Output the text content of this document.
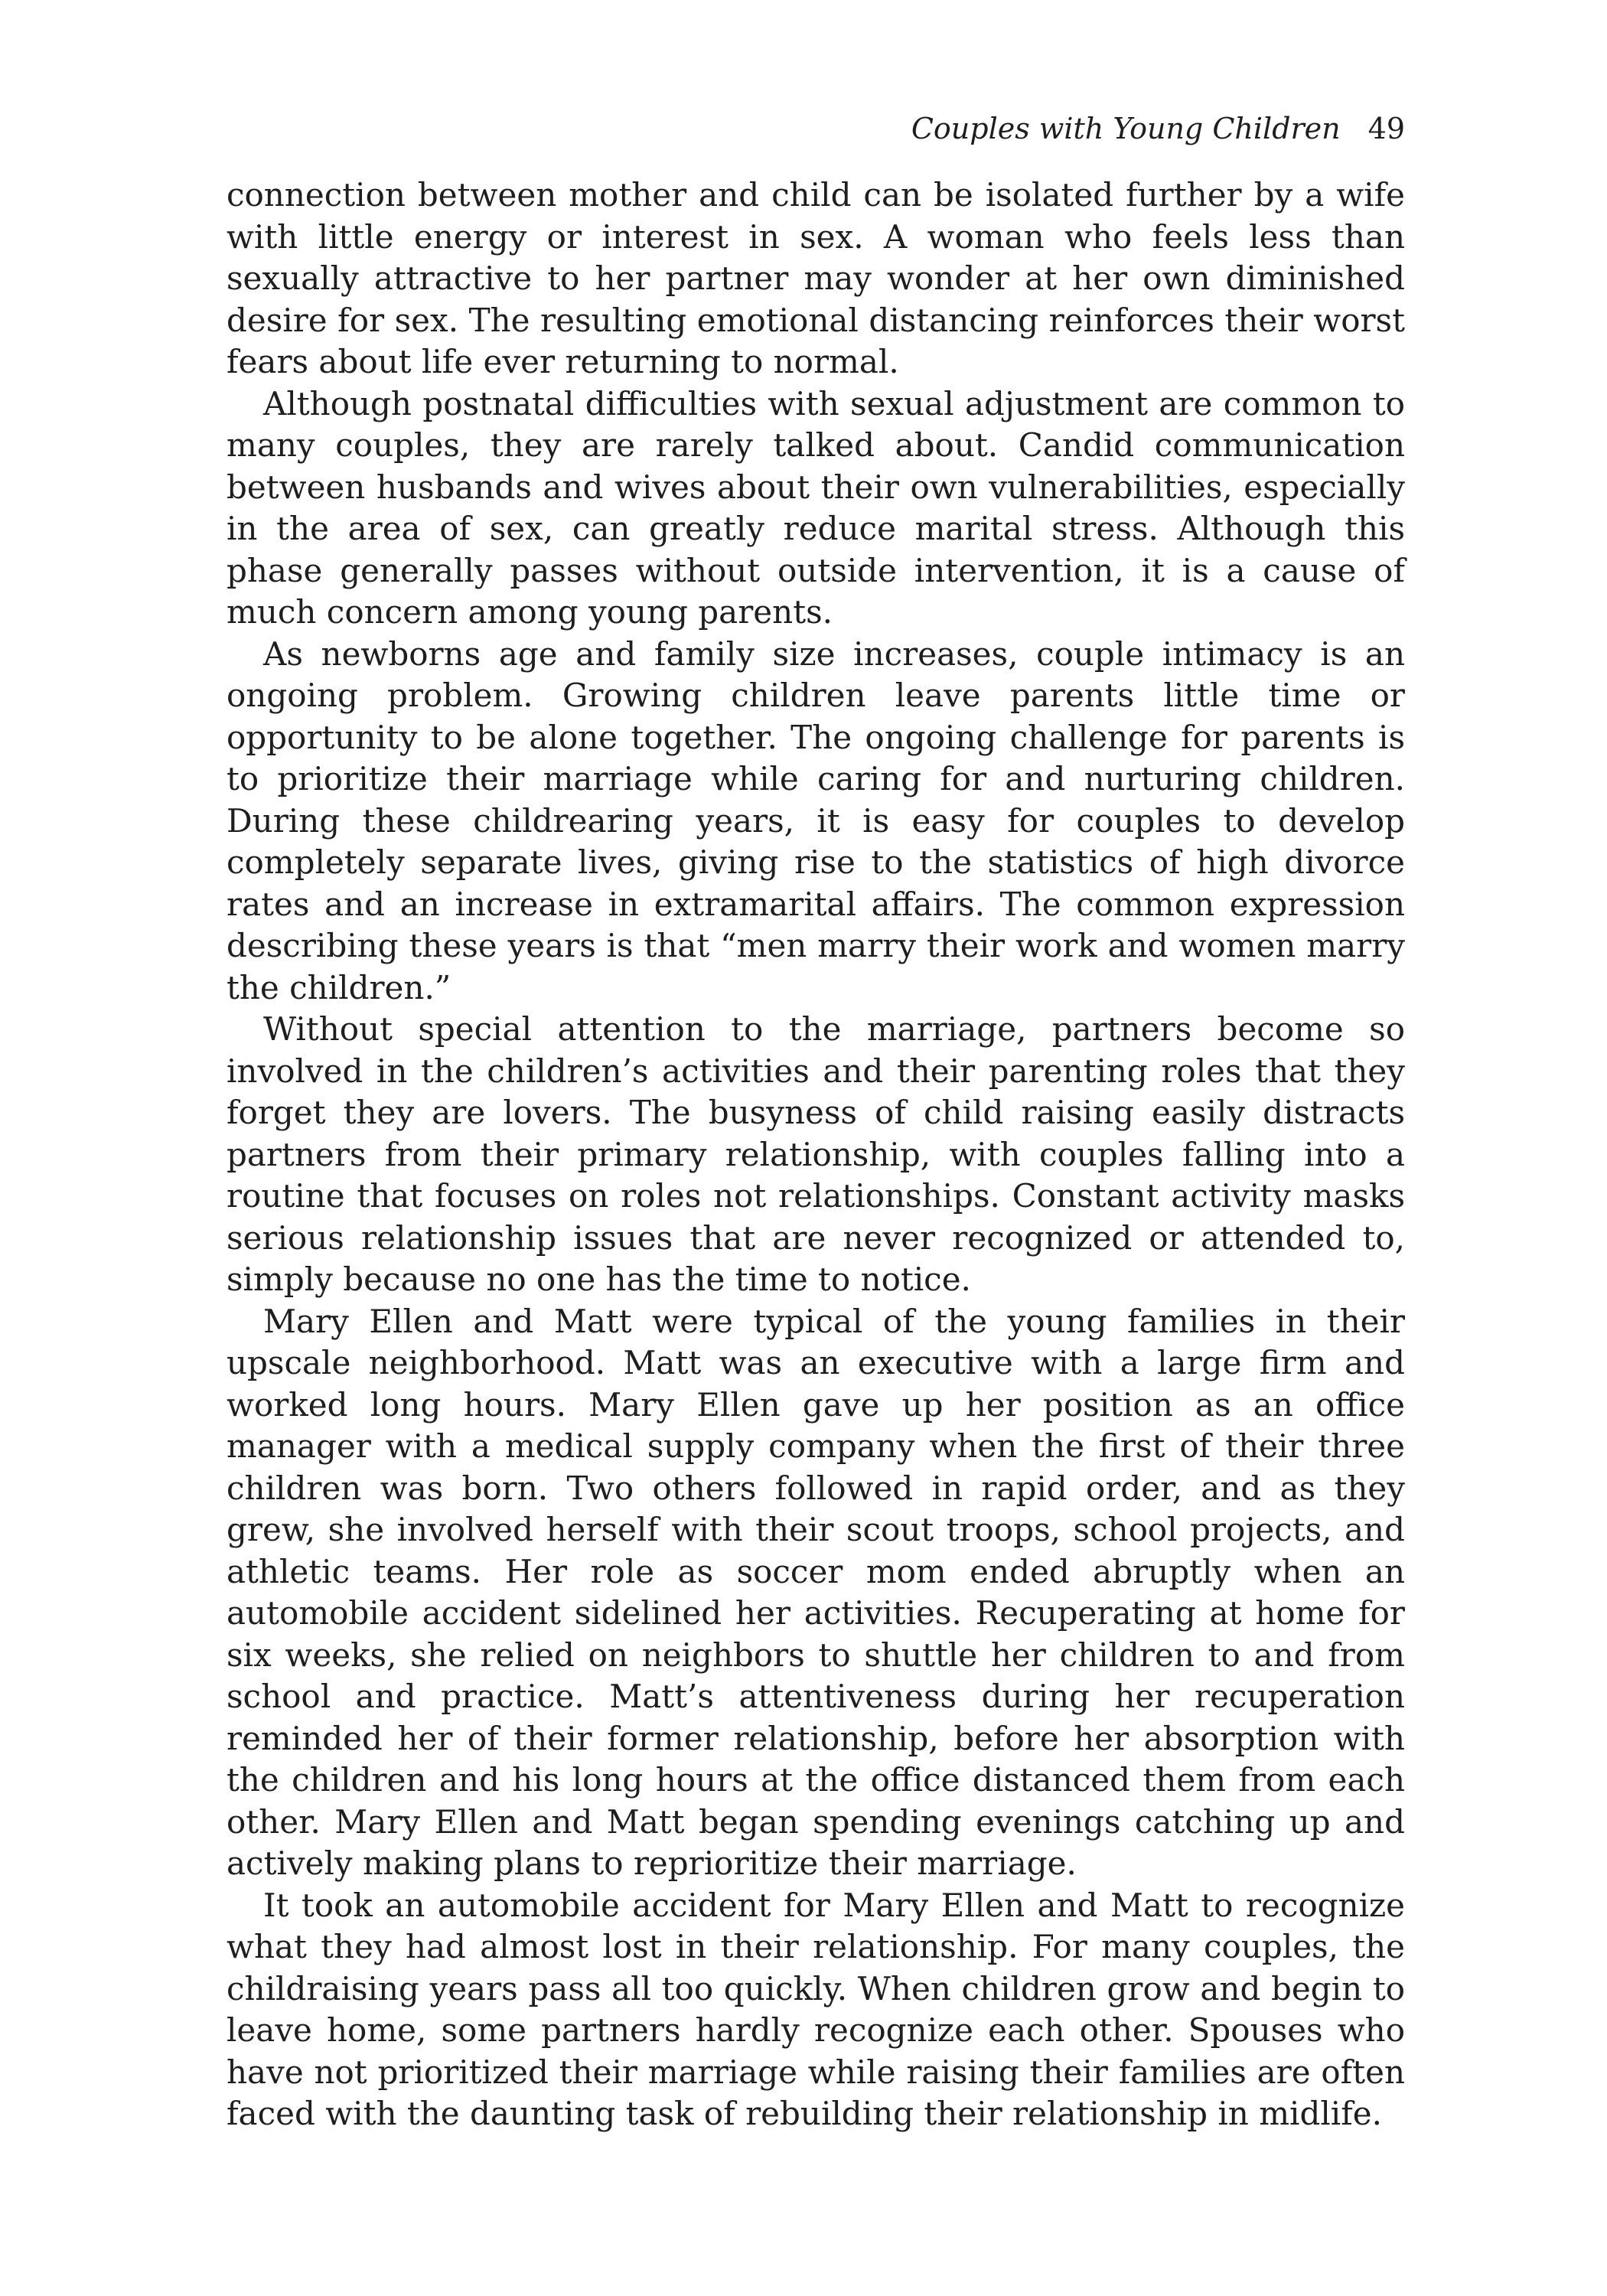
Couples with Young Children 49

connection between mother and child can be isolated further by a wife with little energy or interest in sex. A woman who feels less than sexually attractive to her partner may wonder at her own diminished desire for sex. The resulting emotional distancing reinforces their worst fears about life ever returning to normal.

Although postnatal difficulties with sexual adjustment are common to many couples, they are rarely talked about. Candid communication between husbands and wives about their own vulnerabilities, especially in the area of sex, can greatly reduce marital stress. Although this phase generally passes without outside intervention, it is a cause of much concern among young parents.

As newborns age and family size increases, couple intimacy is an ongoing problem. Growing children leave parents little time or opportunity to be alone together. The ongoing challenge for parents is to prioritize their marriage while caring for and nurturing children. During these childrearing years, it is easy for couples to develop completely separate lives, giving rise to the statistics of high divorce rates and an increase in extramarital affairs. The common expression describing these years is that “men marry their work and women marry the children.”

Without special attention to the marriage, partners become so involved in the children’s activities and their parenting roles that they forget they are lovers. The busyness of child raising easily distracts partners from their primary relationship, with couples falling into a routine that focuses on roles not relationships. Constant activity masks serious relationship issues that are never recognized or attended to, simply because no one has the time to notice.

Mary Ellen and Matt were typical of the young families in their upscale neighborhood. Matt was an executive with a large firm and worked long hours. Mary Ellen gave up her position as an office manager with a medical supply company when the first of their three children was born. Two others followed in rapid order, and as they grew, she involved herself with their scout troops, school projects, and athletic teams. Her role as soccer mom ended abruptly when an automobile accident sidelined her activities. Recuperating at home for six weeks, she relied on neighbors to shuttle her children to and from school and practice. Matt’s attentiveness during her recuperation reminded her of their former relationship, before her absorption with the children and his long hours at the office distanced them from each other. Mary Ellen and Matt began spending evenings catching up and actively making plans to reprioritize their marriage.

It took an automobile accident for Mary Ellen and Matt to recognize what they had almost lost in their relationship. For many couples, the childraising years pass all too quickly. When children grow and begin to leave home, some partners hardly recognize each other. Spouses who have not prioritized their marriage while raising their families are often faced with the daunting task of rebuilding their relationship in midlife.
